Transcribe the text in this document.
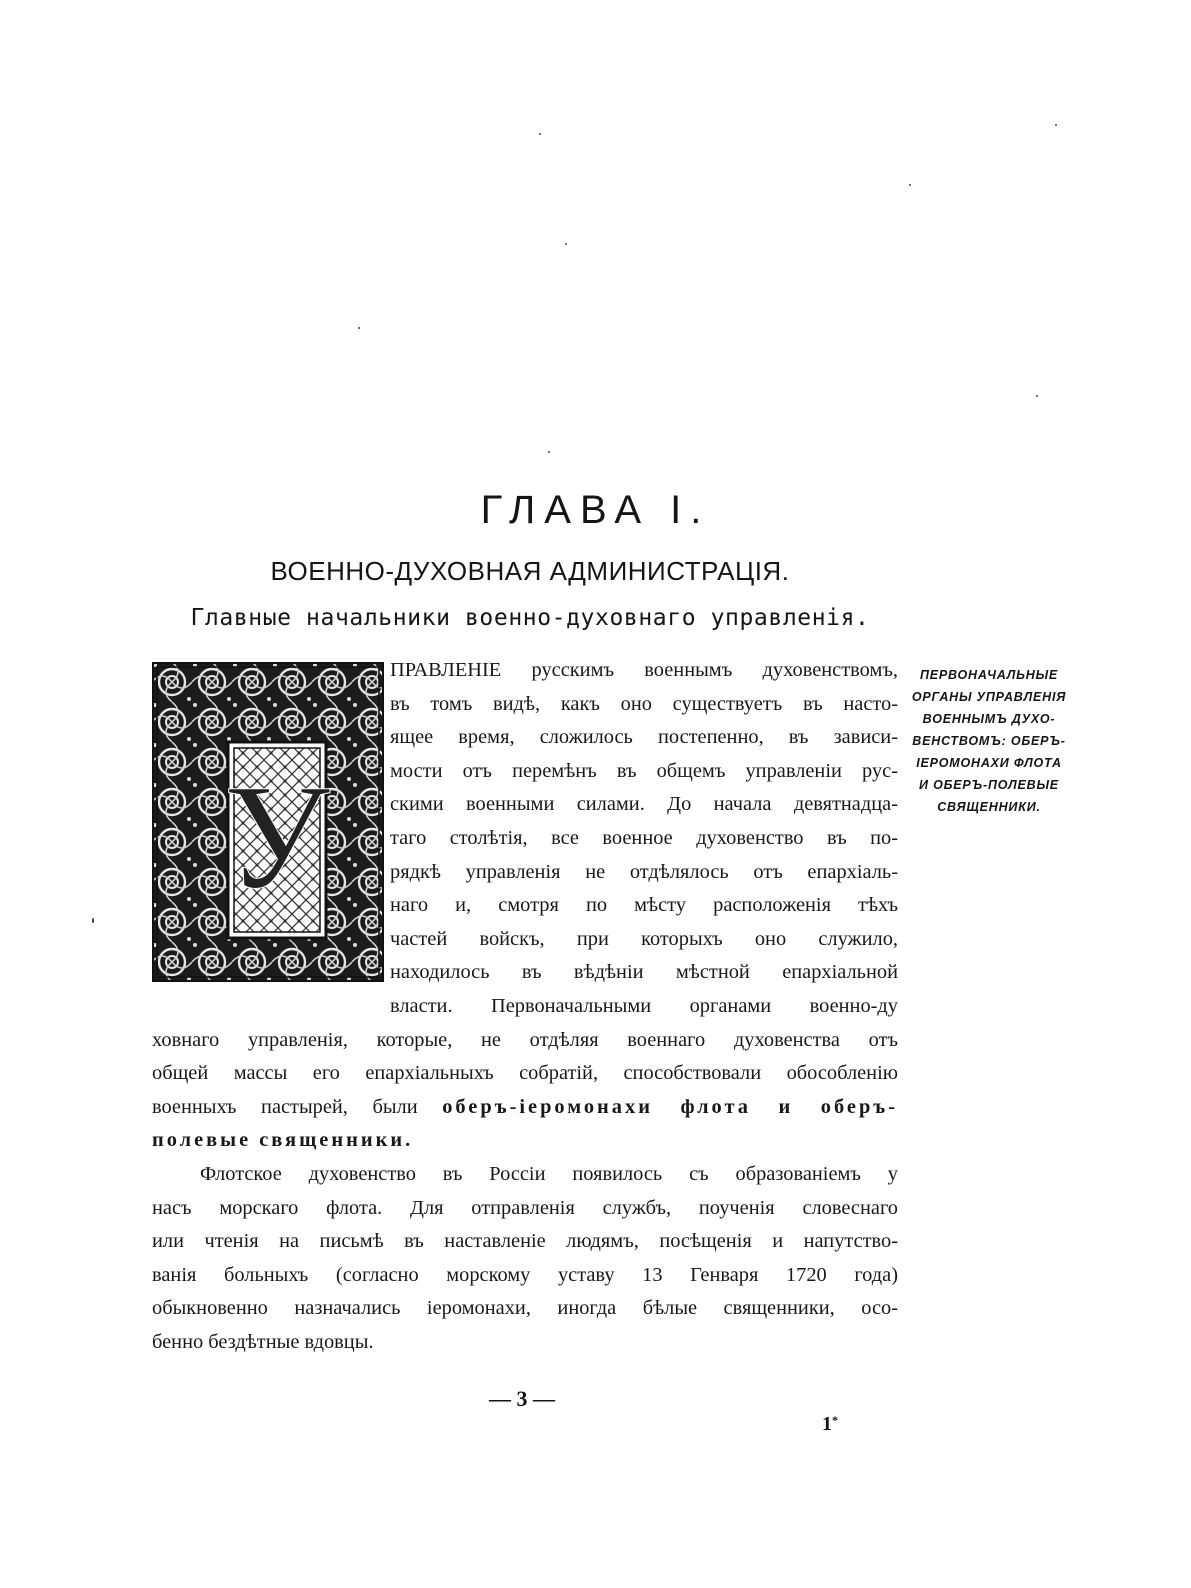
ГЛАВА I.
ВОЕННО-ДУХОВНАЯ АДМИНИСТРАЦІЯ.
Главные начальники военно-духовнаго управленія.
У
ПРАВЛЕНІЕ русскимъ военнымъ духовенствомъ,
въ томъ видѣ, какъ оно существуетъ въ насто-
ящее время, сложилось постепенно, въ зависи-
мости отъ перемѣнъ въ общемъ управленіи рус-
скими военными силами. До начала девятнадца-
таго столѣтія, все военное духовенство въ по-
рядкѣ управленія не отдѣлялось отъ епархіаль-
наго и, смотря по мѣсту расположенія тѣхъ
частей войскъ, при которыхъ оно служило,
находилось въ вѣдѣніи мѣстной епархіальной
власти. Первоначальными органами военно-ду
ховнаго управленія, которые, не отдѣляя военнаго духовенства отъ
общей массы его епархіальныхъ собратій, способствовали обособленію
военныхъ пастырей, были оберъ-іеромонахи флота и оберъ-
полевые священники.
ПЕРВОНАЧАЛЬНЫЕ
ОРГАНЫ УПРАВЛЕНІЯ
ВОЕННЫМЪ ДУХО-
ВЕНСТВОМЪ: ОБЕРЪ-
ІЕРОМОНАХИ ФЛОТА
И ОБЕРЪ-ПОЛЕВЫЕ
СВЯЩЕННИКИ.
Флотское духовенство въ Россіи появилось съ образованіемъ у
насъ морскаго флота. Для отправленія службъ, поученія словеснаго
или чтенія на письмѣ въ наставленіе людямъ, посѣщенія и напутство-
ванія больныхъ (согласно морскому уставу 13 Генваря 1720 года)
обыкновенно назначались іеромонахи, иногда бѣлые священники, осо-
бенно бездѣтные вдовцы.
— 3 —
1*
